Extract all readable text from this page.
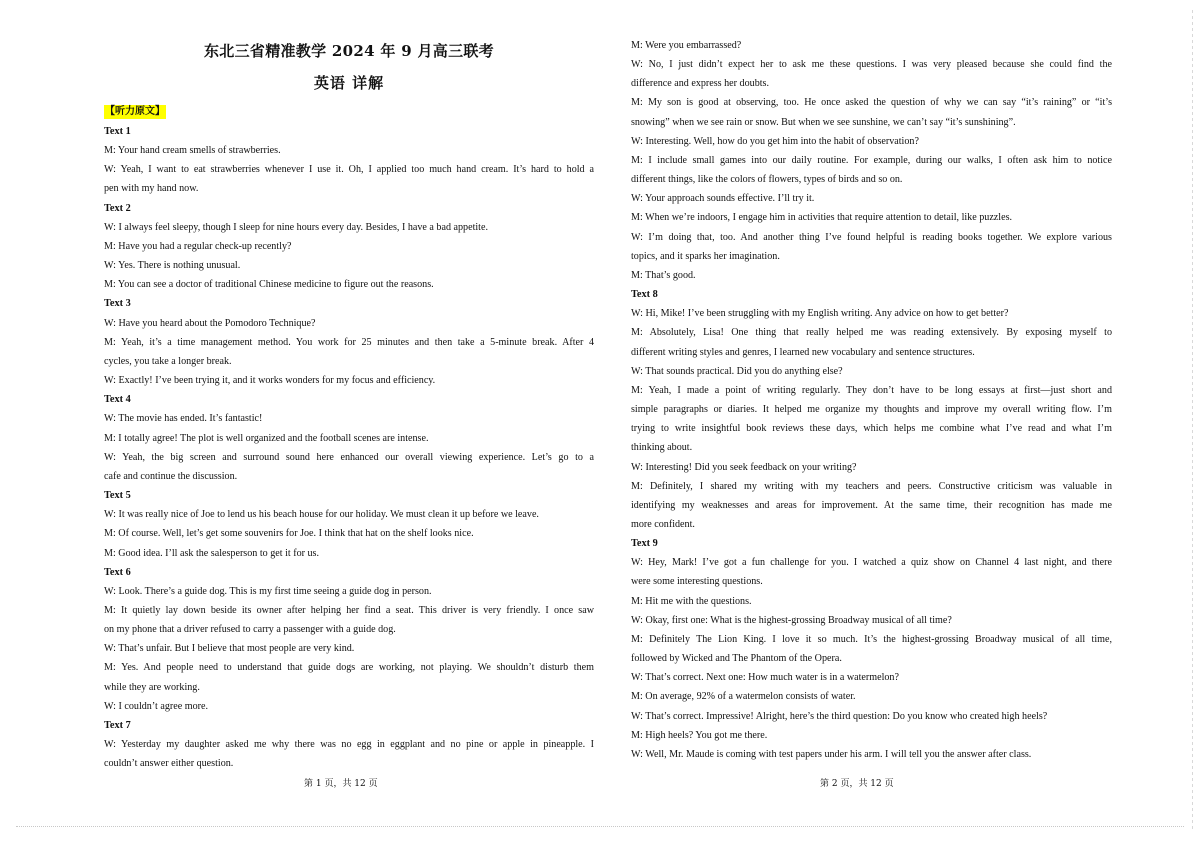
东北三省精准教学 2024 年 9 月高三联考
英语 详解
【听力原文】
Text 1
M: Your hand cream smells of strawberries.
W: Yeah, I want to eat strawberries whenever I use it. Oh, I applied too much hand cream. It’s hard to hold a
pen with my hand now.
Text 2
W: I always feel sleepy, though I sleep for nine hours every day. Besides, I have a bad appetite.
M: Have you had a regular check-up recently?
W: Yes. There is nothing unusual.
M: You can see a doctor of traditional Chinese medicine to figure out the reasons.
Text 3
W: Have you heard about the Pomodoro Technique?
M: Yeah, it’s a time management method. You work for 25 minutes and then take a 5-minute break. After 4
cycles, you take a longer break.
W: Exactly! I’ve been trying it, and it works wonders for my focus and efficiency.
Text 4
W: The movie has ended. It’s fantastic!
M: I totally agree! The plot is well organized and the football scenes are intense.
W: Yeah, the big screen and surround sound here enhanced our overall viewing experience. Let’s go to a
cafe and continue the discussion.
Text 5
W: It was really nice of Joe to lend us his beach house for our holiday. We must clean it up before we leave.
M: Of course. Well, let’s get some souvenirs for Joe. I think that hat on the shelf looks nice.
M: Good idea. I’ll ask the salesperson to get it for us.
Text 6
W: Look. There’s a guide dog. This is my first time seeing a guide dog in person.
M: It quietly lay down beside its owner after helping her find a seat. This driver is very friendly. I once saw
on my phone that a driver refused to carry a passenger with a guide dog.
W: That’s unfair. But I believe that most people are very kind.
M: Yes. And people need to understand that guide dogs are working, not playing. We shouldn’t disturb them
while they are working.
W: I couldn’t agree more.
Text 7
W: Yesterday my daughter asked me why there was no egg in eggplant and no pine or apple in pineapple. I
couldn’t answer either question.
M: Were you embarrassed?
W: No, I just didn’t expect her to ask me these questions. I was very pleased because she could find the
difference and express her doubts.
M: My son is good at observing, too. He once asked the question of why we can say “it’s raining” or “it’s
snowing” when we see rain or snow. But when we see sunshine, we can’t say “it’s sunshining”.
W: Interesting. Well, how do you get him into the habit of observation?
M: I include small games into our daily routine. For example, during our walks, I often ask him to notice
different things, like the colors of flowers, types of birds and so on.
W: Your approach sounds effective. I’ll try it.
M: When we’re indoors, I engage him in activities that require attention to detail, like puzzles.
W: I’m doing that, too. And another thing I’ve found helpful is reading books together. We explore various
topics, and it sparks her imagination.
M: That’s good.
Text 8
W: Hi, Mike! I’ve been struggling with my English writing. Any advice on how to get better?
M: Absolutely, Lisa! One thing that really helped me was reading extensively. By exposing myself to
different writing styles and genres, I learned new vocabulary and sentence structures.
W: That sounds practical. Did you do anything else?
M: Yeah, I made a point of writing regularly. They don’t have to be long essays at first—just short and
simple paragraphs or diaries. It helped me organize my thoughts and improve my overall writing flow. I’m
trying to write insightful book reviews these days, which helps me combine what I’ve read and what I’m
thinking about.
W: Interesting! Did you seek feedback on your writing?
M: Definitely, I shared my writing with my teachers and peers. Constructive criticism was valuable in
identifying my weaknesses and areas for improvement. At the same time, their recognition has made me
more confident.
Text 9
W: Hey, Mark! I’ve got a fun challenge for you. I watched a quiz show on Channel 4 last night, and there
were some interesting questions.
M: Hit me with the questions.
W: Okay, first one: What is the highest-grossing Broadway musical of all time?
M: Definitely The Lion King. I love it so much. It’s the highest-grossing Broadway musical of all time,
followed by Wicked and The Phantom of the Opera.
W: That’s correct. Next one: How much water is in a watermelon?
M: On average, 92% of a watermelon consists of water.
W: That’s correct. Impressive! Alright, here’s the third question: Do you know who created high heels?
M: High heels? You got me there.
W: Well, Mr. Maude is coming with test papers under his arm. I will tell you the answer after class.
第 1 页，共 12 页	第 2 页，共 12 页
